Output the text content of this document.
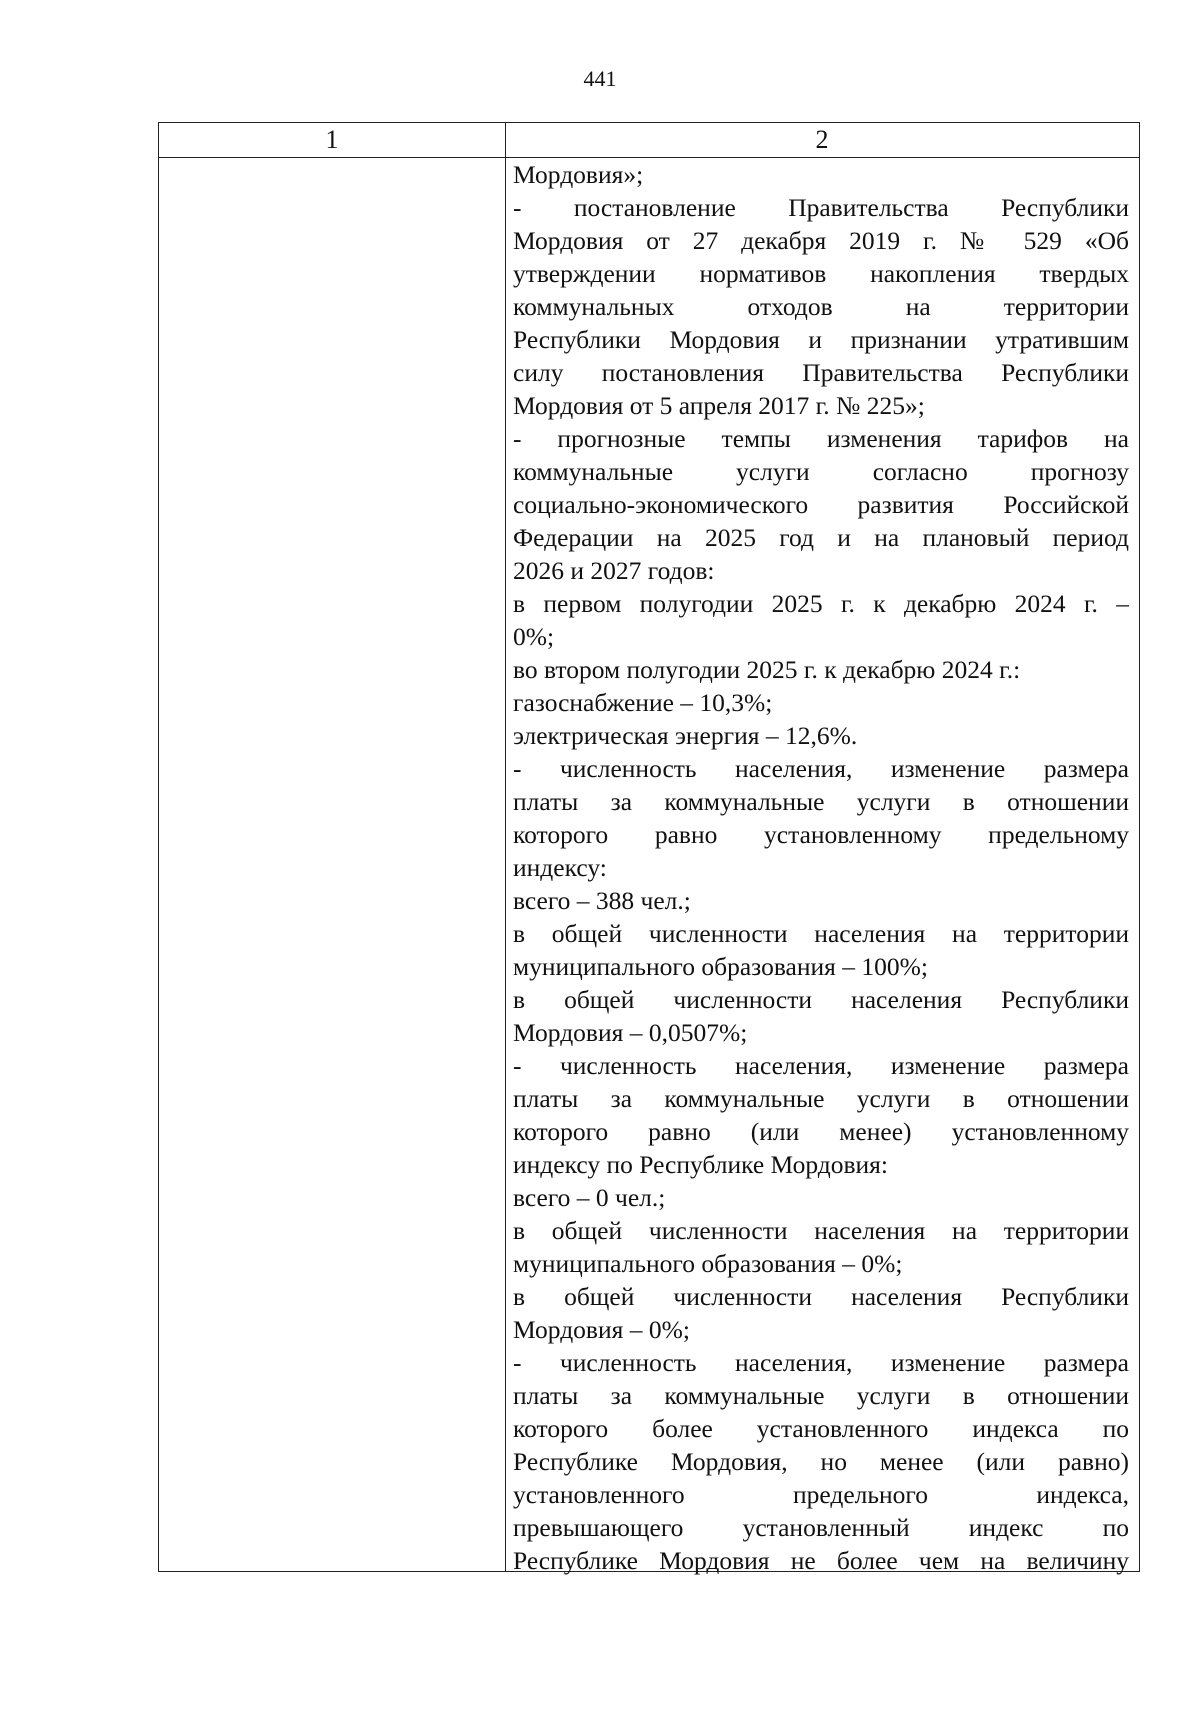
441
1	2
Мордовия»;
- постановление Правительства Республики
Мордовия от 27 декабря 2019 г. № 529 «Об
утверждении нормативов накопления твердых
коммунальных отходов на территории
Республики Мордовия и признании утратившим
силу постановления Правительства Республики
Мордовия от 5 апреля 2017 г. № 225»;
- прогнозные темпы изменения тарифов на
коммунальные услуги согласно прогнозу
социально-экономического развития Российской
Федерации на 2025 год и на плановый период
2026 и 2027 годов:
в первом полугодии 2025 г. к декабрю 2024 г. –
0%;
во втором полугодии 2025 г. к декабрю 2024 г.:
газоснабжение – 10,3%;
электрическая энергия – 12,6%.
- численность населения, изменение размера
платы за коммунальные услуги в отношении
которого равно установленному предельному
индексу:
всего – 388 чел.;
в общей численности населения на территории
муниципального образования – 100%;
в общей численности населения Республики
Мордовия – 0,0507%;
- численность населения, изменение размера
платы за коммунальные услуги в отношении
которого равно (или менее) установленному
индексу по Республике Мордовия:
всего – 0 чел.;
в общей численности населения на территории
муниципального образования – 0%;
в общей численности населения Республики
Мордовия – 0%;
- численность населения, изменение размера
платы за коммунальные услуги в отношении
которого более установленного индекса по
Республике Мордовия, но менее (или равно)
установленного предельного индекса,
превышающего установленный индекс по
Республике Мордовия не более чем на величину
